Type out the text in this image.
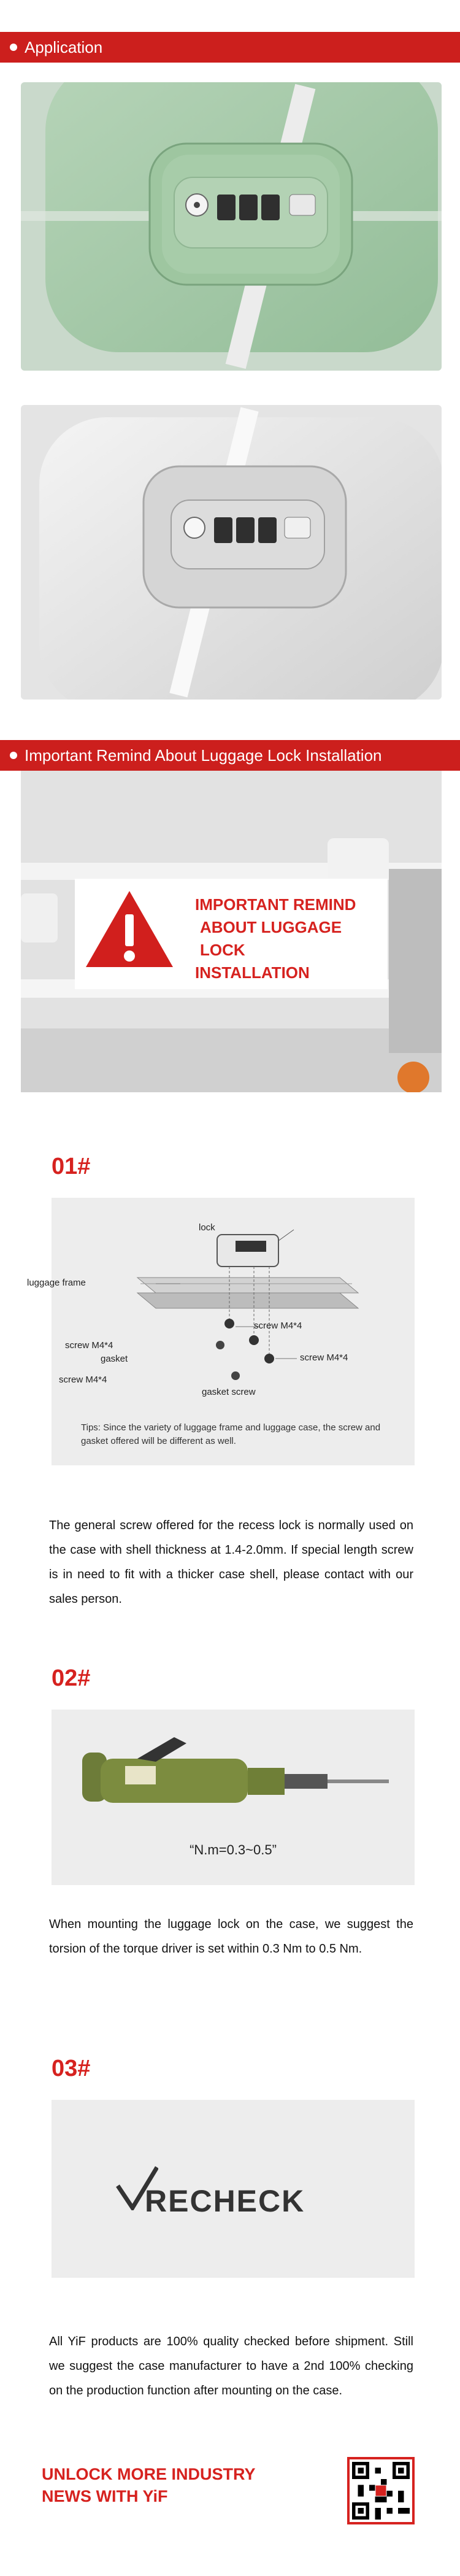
Application
Important Remind About Luggage Lock Installation
IMPORTANT REMIND
ABOUT LUGGAGE LOCK
INSTALLATION
01#
lock
luggage frame
screw M4*4
screw M4*4
gasket	screw M4*4
screw M4*4
gasket screw
Tips: Since the variety of luggage frame and luggage case, the screw and gasket offered will be different as well.
The general screw offered for the recess lock is normally used on the case with shell thickness at 1.4-2.0mm. If special length screw is in need to fit with a thicker case shell, please contact with our sales person.
02#
“N.m=0.3~0.5”
When mounting the luggage lock on the case, we suggest the torsion of the torque driver is set within 0.3 Nm to 0.5 Nm.
03#
RECHECK
All YiF products are 100% quality checked before shipment. Still we suggest the case manufacturer to have a 2nd 100% checking on the production function after mounting on the case.
UNLOCK MORE INDUSTRY
NEWS WITH YiF
